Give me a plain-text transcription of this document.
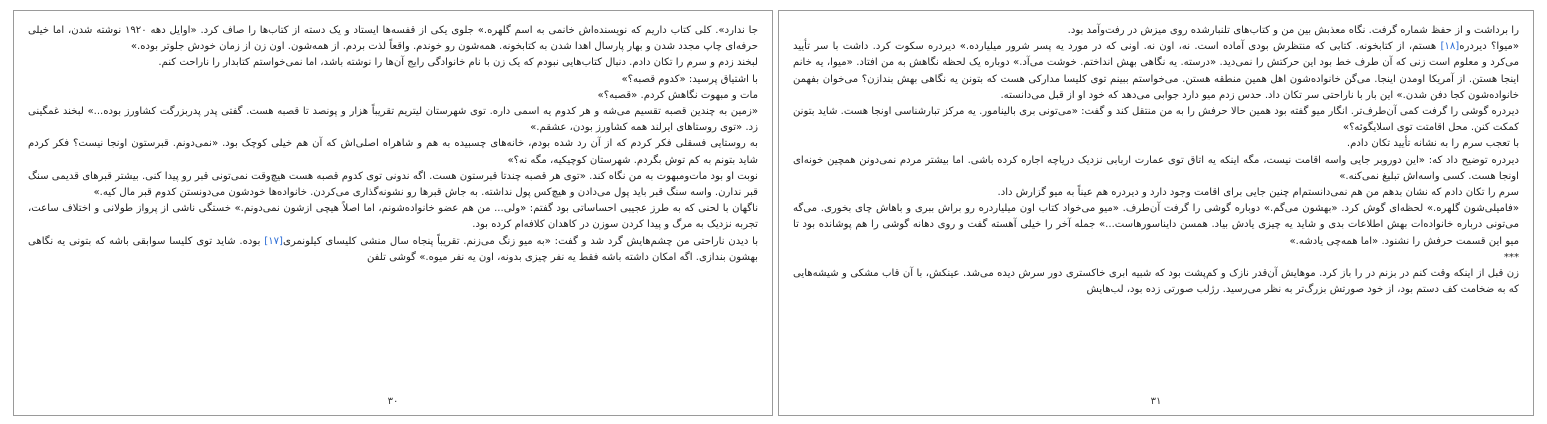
را برداشت و از حفظ شماره گرفت. نگاه معذبش بین من و کتاب‌های تلنبارشده روی میزش در رفت‌وآمد بود.

«میوا؟ دیردره[۱۸] هستم، از کتابخونه. کتابی که منتظرش بودی آماده است. نه، اون نه. اونی که در مورد یه پسر شرور میلیارده.» دیردره سکوت کرد. داشت با سر تأیید می‌کرد و معلوم است زنی که آن طرف خط بود این حرکتش را نمی‌دید. «درسته. یه نگاهی بهش انداختم. خوشت می‌آد.» دوباره یک لحظه نگاهش به من افتاد. «میوا، یه خانم اینجا هستن. از آمریکا اومدن اینجا. می‌گن خانواده‌شون اهل همین منطقه هستن. می‌خواستم ببینم توی کلیسا مدارکی هست که بتونن یه نگاهی بهش بندازن؟ می‌خوان بفهمن خانواده‌شون کجا دفن شدن.» این بار با ناراحتی سر تکان داد. حدس زدم میو دارد جوابی می‌دهد که خود او از قبل می‌دانسته.

دیردره گوشی را گرفت کمی آن‌طرف‌تر. انگار میو گفته بود همین حالا حرفش را به من منتقل کند و گفت: «می‌تونی بری بالینامور. یه مرکز تبارشناسی اونجا هست. شاید بتونن کمکت کنن. محل اقامتت توی اسلایگوئه؟»

با تعجب سرم را به نشانه تأیید تکان دادم.

دیردره توضیح داد که: «این دوروبر جایی واسه اقامت نیست، مگه اینکه یه اتاق توی عمارت اربابی نزدیک دریاچه اجاره کرده باشی. اما بیشتر مردم نمی‌دونن همچین خونه‌ای اونجا هست. کسی واسه‌اش تبلیغ نمی‌کنه.»

سرم را تکان دادم که نشان بدهم من هم نمی‌دانستم‌ام چنین جایی برای اقامت وجود دارد و دیردره هم عیناً به میو گزارش داد.

«فامیلی‌شون گلهره.» لحظه‌ای گوش کرد. «بهشون می‌گم.» دوباره گوشی را گرفت آن‌طرف. «میو می‌خواد کتاب اون میلیاردره رو براش ببری و باهاش چای بخوری. می‌گه می‌تونی درباره خانواده‌ات بهش اطلاعات بدی و شاید یه چیزی یادش بیاد. همسن دایناسورهاست...» جمله آخر را خیلی آهسته گفت و روی دهانه گوشی را هم پوشانده بود تا میو این قسمت حرفش را نشنود. «اما همه‌چی یادشه.»

***

زن قبل از اینکه وقت کنم در بزنم در را باز کرد. موهایش آن‌قدر نازک و کم‌پشت بود که شبیه ابری خاکستری دور سرش دیده می‌شد. عینکش، با آن قاب مشکی و شیشه‌هایی که به ضخامت کف دستم بود، از خود صورتش بزرگ‌تر به نظر می‌رسید. رژلب صورتی زده بود، لب‌هایش

۳۱

جا ندارد». کلی کتاب داریم که نویسنده‌اش خانمی به اسم گلهره.» جلوی یکی از قفسه‌ها ایستاد و یک دسته از کتاب‌ها را صاف کرد. «اوایل دهه ۱۹۲۰ نوشته شدن، اما خیلی حرفه‌ای چاپ مجدد شدن و بهار پارسال اهدا شدن به کتابخونه. همه‌شون رو خوندم. واقعاً لذت بردم. از همه‌شون. اون زن از زمان خودش جلوتر بوده.»

لبخند زدم و سرم را تکان دادم. دنبال کتاب‌هایی نبودم که یک زن با نام خانوادگی رایج آن‌ها را نوشته باشد، اما نمی‌خواستم کتابدار را ناراحت کنم.

با اشتیاق پرسید: «کدوم قصبه؟»

مات و مبهوت نگاهش کردم. «قصبه؟»

«زمین به چندین قصبه تقسیم می‌شه و هر کدوم یه اسمی داره. توی شهرستان لیتریم تقریباً هزار و پونصد تا قصبه هست. گفتی پدر پدربزرگت کشاورز بوده...» لبخند غمگینی زد. «توی روستاهای ایرلند همه کشاورز بودن، عشقم.»

به روستایی فسقلی فکر کردم که از آن رد شده بودم، خانه‌های چسبیده به هم و شاهراه اصلی‌اش که آن هم خیلی کوچک بود. «نمی‌دونم. قبرستون اونجا نیست؟ فکر کردم شاید بتونم به کم توش بگردم. شهرستان کوچیکیه، مگه نه؟»

نوبت او بود مات‌ومبهوت به من نگاه کند. «توی هر قصبه چندتا قبرستون هست. اگه ندونی توی کدوم قصبه هست هیچ‌وقت نمی‌تونی قبر رو پیدا کنی. بیشتر قبرهای قدیمی سنگ قبر ندارن. واسه سنگ قبر باید پول می‌دادن و هیچ‌کس پول نداشته. به جاش قبرها رو نشونه‌گذاری می‌کردن. خانواده‌ها خودشون می‌دونستن کدوم قبر مال کیه.»

ناگهان با لحنی که به طرز عجیبی احساساتی بود گفتم: «ولی... من هم عضو خانواده‌شونم، اما اصلاً هیچی ازشون نمی‌دونم.» خستگی ناشی از پرواز طولانی و اختلاف ساعت، تجربه نزدیک به مرگ و پیدا کردن سوزن در کاهدان کلافه‌ام کرده بود.

با دیدن ناراحتی من چشم‌هایش گرد شد و گفت: «به میو زنگ می‌زنم. تقریباً پنجاه سال منشی کلیسای کیلونمری[۱۷] بوده. شاید توی کلیسا سوابقی باشه که بتونی یه نگاهی بهشون بندازی. اگه امکان داشته باشه فقط یه نفر چیزی بدونه، اون یه نفر میوه.» گوشی تلفن

۳۰
